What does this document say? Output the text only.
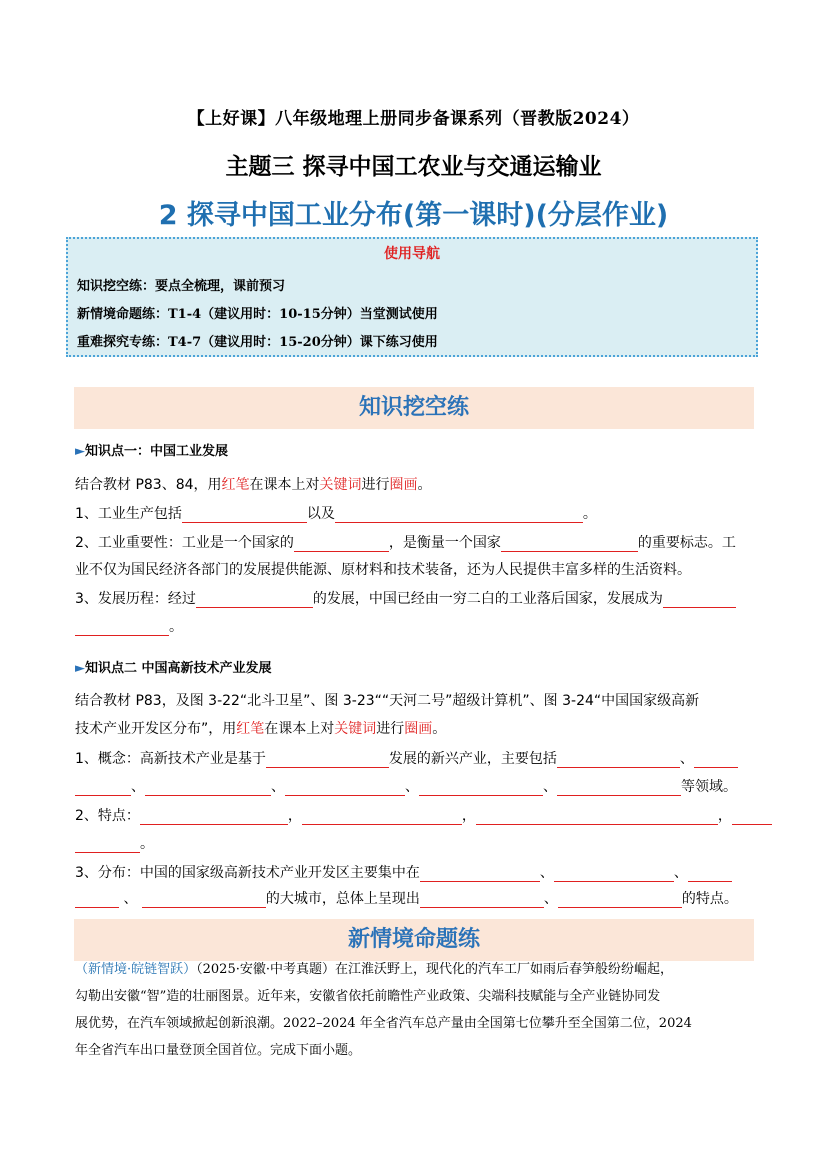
【上好课】八年级地理上册同步备课系列（晋教版2024）
主题三 探寻中国工农业与交通运输业
2 探寻中国工业分布(第一课时)(分层作业)
使用导航
知识挖空练：要点全梳理，课前预习
新情境命题练：T1-4（建议用时：10-15分钟）当堂测试使用
重难探究专练：T4-7（建议用时：15-20分钟）课下练习使用
知识挖空练
►知识点一：中国工业发展
结合教材 P83、84，用红笔在课本上对关键词进行圈画。
1、工业生产包括	以及	。
2、工业重要性：工业是一个国家的	，是衡量一个国家	的重要标志。工
业不仅为国民经济各部门的发展提供能源、原材料和技术装备，还为人民提供丰富多样的生活资料。
3、发展历程：经过	的发展，中国已经由一穷二白的工业落后国家，发展成为
。
►知识点二 中国高新技术产业发展
结合教材 P83，及图 3-22“北斗卫星”、图 3-23““天河二号”超级计算机”、图 3-24“中国国家级高新
技术产业开发区分布”，用红笔在课本上对关键词进行圈画。
1、概念：高新技术产业是基于	发展的新兴产业，主要包括	、
、	、	、	、	等领域。
2、特点：	，	，	，
。
3、分布：中国的国家级高新技术产业开发区主要集中在	、	、
、	的大城市，总体上呈现出	、	的特点。
新情境命题练
（新情境·皖链智跃）（2025·安徽·中考真题）在江淮沃野上，现代化的汽车工厂如雨后春笋般纷纷崛起，
勾勒出安徽“智”造的壮丽图景。近年来，安徽省依托前瞻性产业政策、尖端科技赋能与全产业链协同发
展优势，在汽车领域掀起创新浪潮。2022–2024 年全省汽车总产量由全国第七位攀升至全国第二位，2024
年全省汽车出口量登顶全国首位。完成下面小题。
